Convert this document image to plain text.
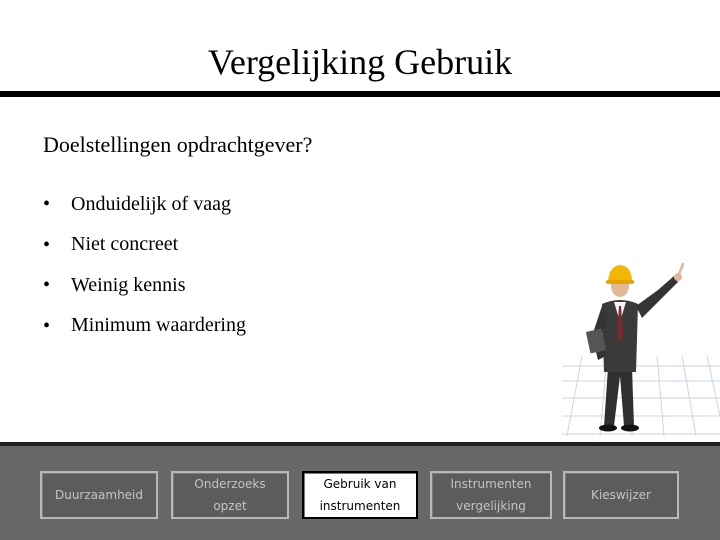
Vergelijking Gebruik
Doelstellingen opdrachtgever?
•	Onduidelijk of vaag
•	Niet concreet
•	Weinig kennis
•	Minimum waardering
Duurzaamheid
Onderzoeks
opzet
Gebruik van
instrumenten
Instrumenten
vergelijking
Kieswijzer
